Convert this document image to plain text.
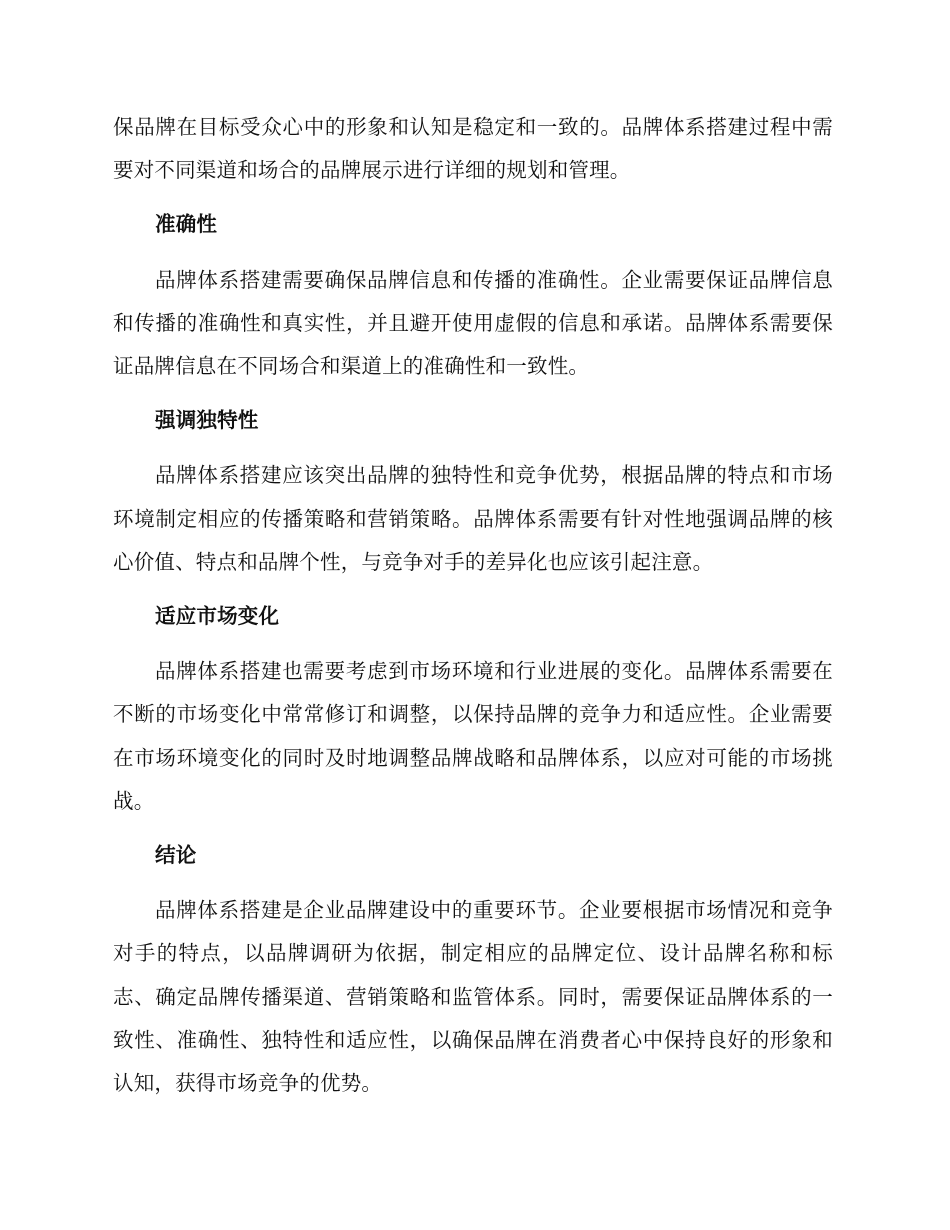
保品牌在目标受众心中的形象和认知是稳定和一致的。品牌体系搭建过程中需要对不同渠道和场合的品牌展示进行详细的规划和管理。

准确性

品牌体系搭建需要确保品牌信息和传播的准确性。企业需要保证品牌信息和传播的准确性和真实性，并且避开使用虚假的信息和承诺。品牌体系需要保证品牌信息在不同场合和渠道上的准确性和一致性。

强调独特性

品牌体系搭建应该突出品牌的独特性和竞争优势，根据品牌的特点和市场环境制定相应的传播策略和营销策略。品牌体系需要有针对性地强调品牌的核心价值、特点和品牌个性，与竞争对手的差异化也应该引起注意。

适应市场变化

品牌体系搭建也需要考虑到市场环境和行业进展的变化。品牌体系需要在不断的市场变化中常常修订和调整，以保持品牌的竞争力和适应性。企业需要在市场环境变化的同时及时地调整品牌战略和品牌体系，以应对可能的市场挑战。

结论

品牌体系搭建是企业品牌建设中的重要环节。企业要根据市场情况和竞争对手的特点，以品牌调研为依据，制定相应的品牌定位、设计品牌名称和标志、确定品牌传播渠道、营销策略和监管体系。同时，需要保证品牌体系的一致性、准确性、独特性和适应性，以确保品牌在消费者心中保持良好的形象和认知，获得市场竞争的优势。
